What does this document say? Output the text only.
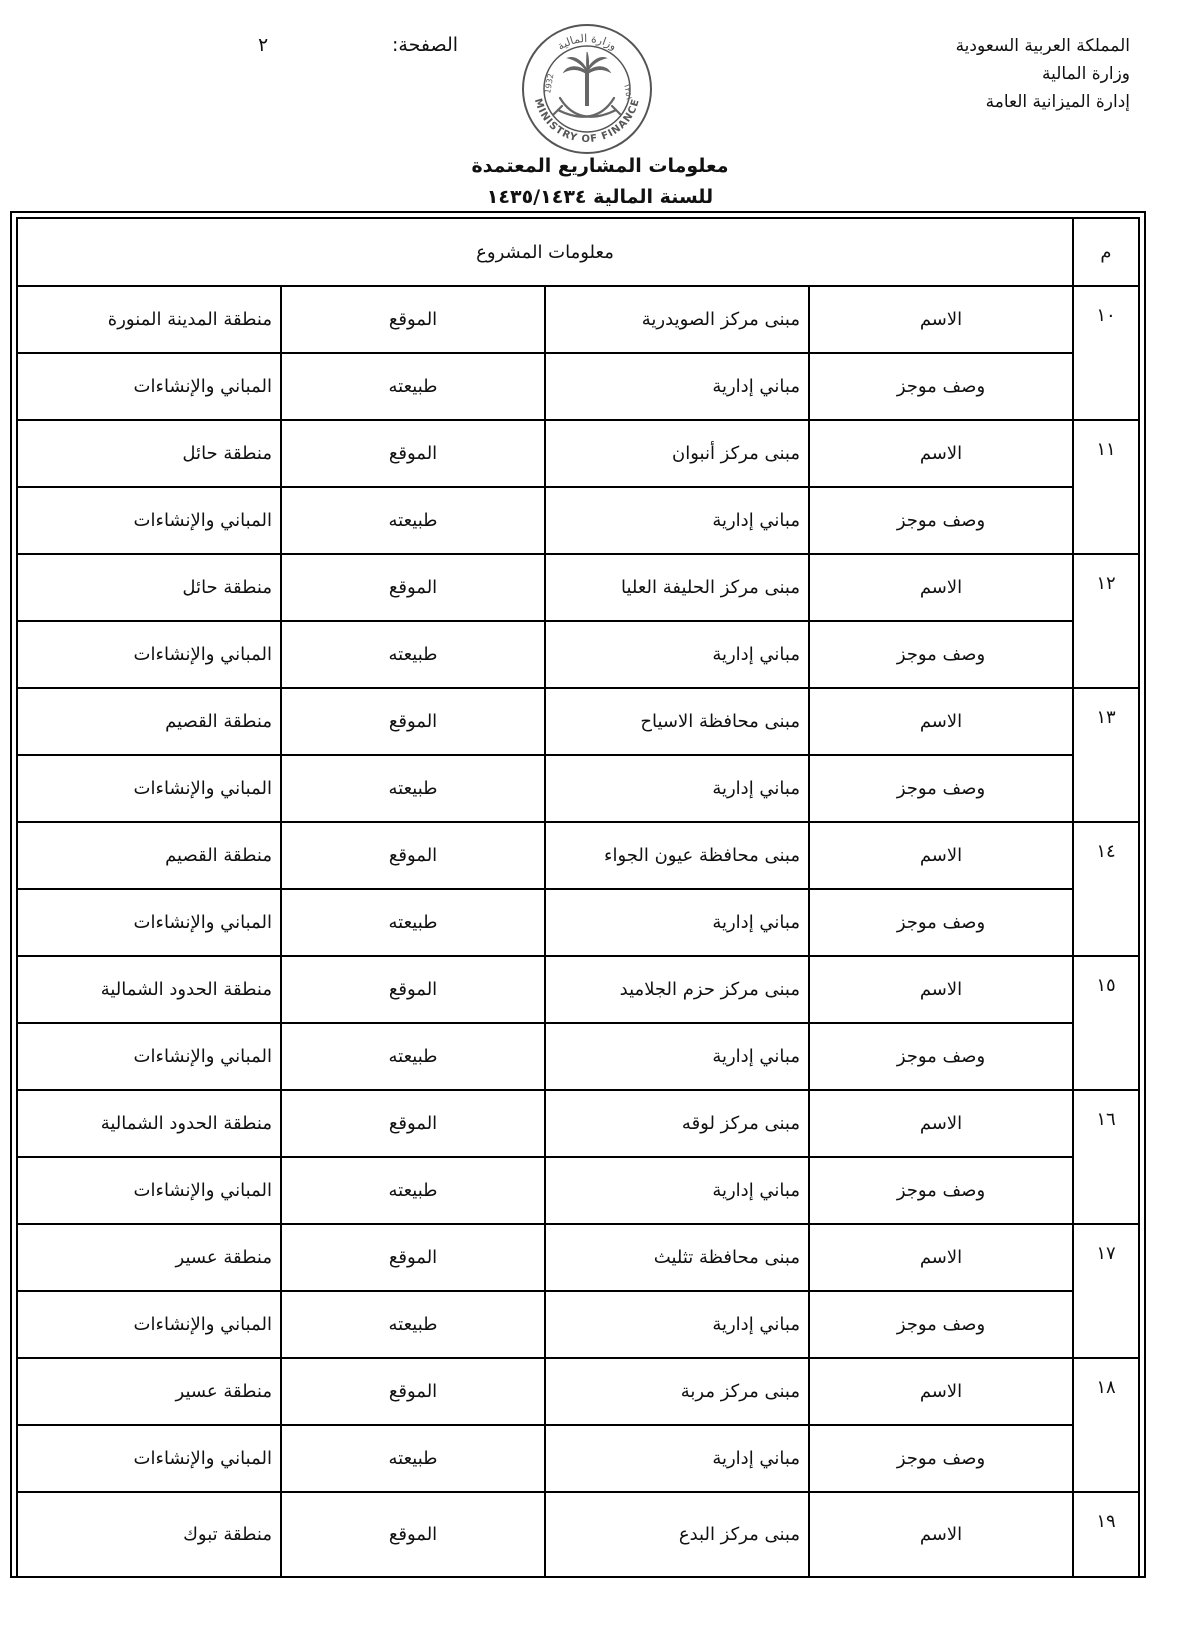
المملكة العربية السعودية
وزارة المالية
إدارة الميزانية العامة
الصفحة:
٢	وزارة المالية
MINISTRY OF FINANCE
1932	١٣٥١
معلومات المشاريع المعتمدة
للسنة المالية ١٤٣٥/١٤٣٤
م	معلومات المشروع			
١٠	الاسم	مبنى مركز الصويدرية	الموقع	منطقة المدينة المنورة
	وصف موجز	مباني إدارية	طبيعته	المباني والإنشاءات
١١	الاسم	مبنى مركز أنبوان	الموقع	منطقة حائل
	وصف موجز	مباني إدارية	طبيعته	المباني والإنشاءات
١٢	الاسم	مبنى مركز الحليفة العليا	الموقع	منطقة حائل
	وصف موجز	مباني إدارية	طبيعته	المباني والإنشاءات
١٣	الاسم	مبنى محافظة الاسياح	الموقع	منطقة القصيم
	وصف موجز	مباني إدارية	طبيعته	المباني والإنشاءات
١٤	الاسم	مبنى محافظة عيون الجواء	الموقع	منطقة القصيم
	وصف موجز	مباني إدارية	طبيعته	المباني والإنشاءات
١٥	الاسم	مبنى مركز حزم الجلاميد	الموقع	منطقة الحدود الشمالية
	وصف موجز	مباني إدارية	طبيعته	المباني والإنشاءات
١٦	الاسم	مبنى مركز لوقه	الموقع	منطقة الحدود الشمالية
	وصف موجز	مباني إدارية	طبيعته	المباني والإنشاءات
١٧	الاسم	مبنى محافظة تثليث	الموقع	منطقة عسير
	وصف موجز	مباني إدارية	طبيعته	المباني والإنشاءات
١٨	الاسم	مبنى مركز مربة	الموقع	منطقة عسير
	وصف موجز	مباني إدارية	طبيعته	المباني والإنشاءات
١٩	الاسم	مبنى مركز البدع	الموقع	منطقة تبوك
